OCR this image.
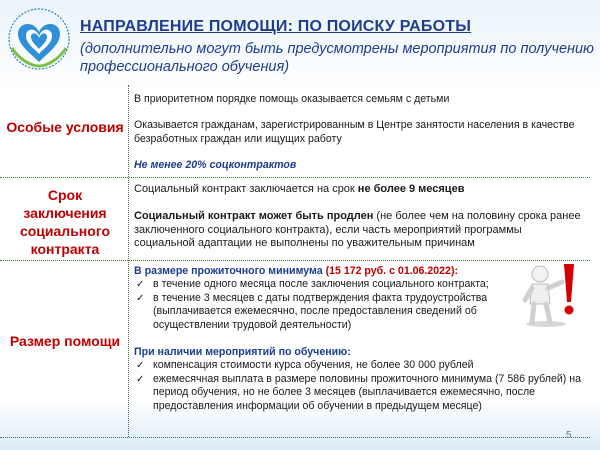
НАПРАВЛЕНИЕ ПОМОЩИ: ПО ПОИСКУ РАБОТЫ
(дополнительно могут быть предусмотрены мероприятия по получению профессионального обучения)
Особые условия

В приоритетном порядке помощь оказывается семьям с детьми

Оказывается гражданам, зарегистрированным в Центре занятости населения в качестве безработных граждан или ищущих работу

Не менее 20% соцконтрактов

Срок заключения социального контракта

Социальный контракт заключается на срок не более 9 месяцев

Социальный контракт может быть продлен (не более чем на половину срока ранее заключенного социального контракта), если часть мероприятий программы социальной адаптации не выполнены по уважительным причинам

Размер помощи

В размере прожиточного минимума (15 172 руб. с 01.06.2022):

✓ в течение одного месяца после заключения социального контракта;
✓ в течение 3 месяцев с даты подтверждения факта трудоустройства (выплачивается ежемесячно, после предоставления сведений об осуществлении трудовой деятельности)

При наличии мероприятий по обучению:

✓ компенсация стоимости курса обучения, не более 30 000 рублей
✓ ежемесячная выплата в размере половины прожиточного минимума (7 586 рублей) на период обучения, но не более 3 месяцев (выплачивается ежемесячно, после предоставления информации об обучении в предыдущем месяце)
5
